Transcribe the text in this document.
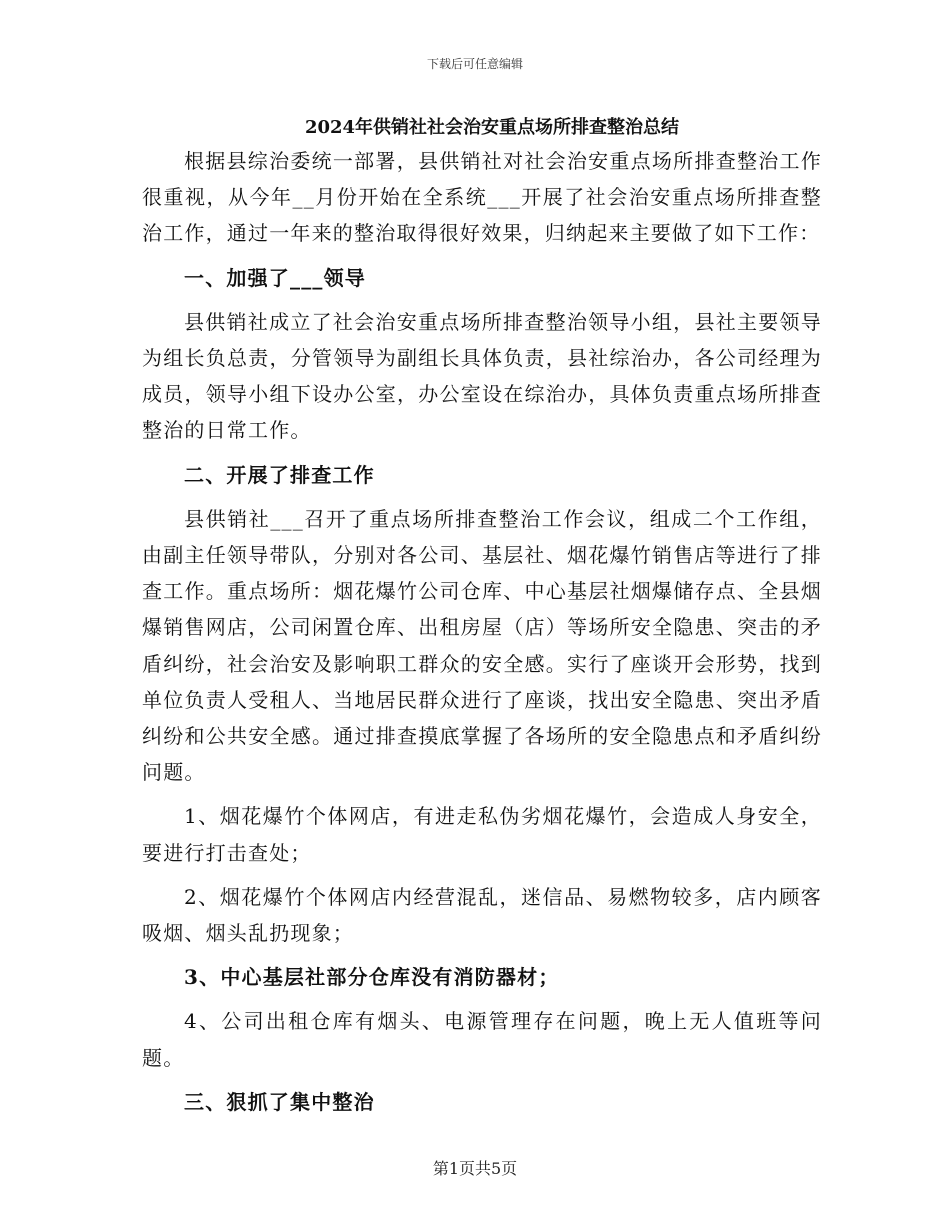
下载后可任意编辑
2024年供销社社会治安重点场所排查整治总结

根据县综治委统一部署，县供销社对社会治安重点场所排查整治工作很重视，从今年__月份开始在全系统___开展了社会治安重点场所排查整治工作，通过一年来的整治取得很好效果，归纳起来主要做了如下工作：

一、加强了___领导

县供销社成立了社会治安重点场所排查整治领导小组，县社主要领导为组长负总责，分管领导为副组长具体负责，县社综治办，各公司经理为成员，领导小组下设办公室，办公室设在综治办，具体负责重点场所排查整治的日常工作。

二、开展了排查工作

县供销社___召开了重点场所排查整治工作会议，组成二个工作组，由副主任领导带队，分别对各公司、基层社、烟花爆竹销售店等进行了排查工作。重点场所：烟花爆竹公司仓库、中心基层社烟爆储存点、全县烟爆销售网店，公司闲置仓库、出租房屋（店）等场所安全隐患、突击的矛盾纠纷，社会治安及影响职工群众的安全感。实行了座谈开会形势，找到单位负责人受租人、当地居民群众进行了座谈，找出安全隐患、突出矛盾纠纷和公共安全感。通过排查摸底掌握了各场所的安全隐患点和矛盾纠纷问题。

1、烟花爆竹个体网店，有进走私伪劣烟花爆竹，会造成人身安全，要进行打击查处；

2、烟花爆竹个体网店内经营混乱，迷信品、易燃物较多，店内顾客吸烟、烟头乱扔现象；

3、中心基层社部分仓库没有消防器材；

4、公司出租仓库有烟头、电源管理存在问题，晚上无人值班等问题。

三、狠抓了集中整治

第1页共5页
